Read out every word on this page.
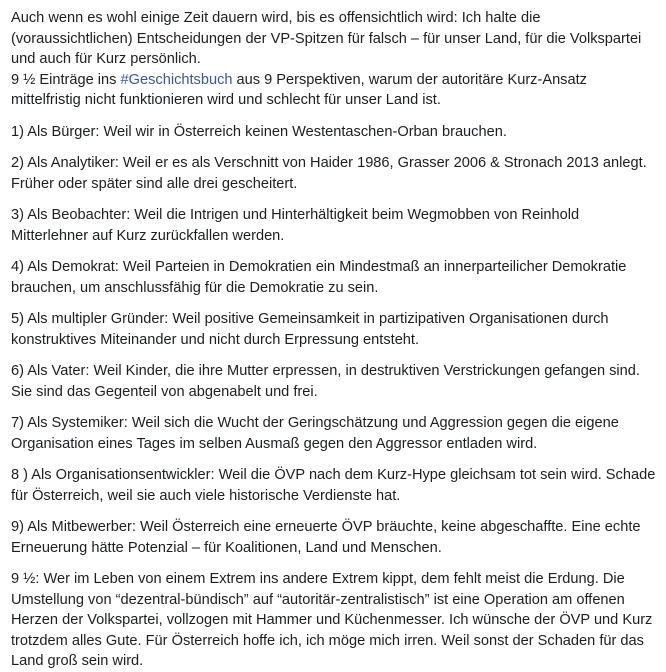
Auch wenn es wohl einige Zeit dauern wird, bis es offensichtlich wird: Ich halte die (voraussichtlichen) Entscheidungen der VP-Spitzen für falsch – für unser Land, für die Volkspartei und auch für Kurz persönlich.

9 ½ Einträge ins #Geschichtsbuch aus 9 Perspektiven, warum der autoritäre Kurz-Ansatz mittelfristig nicht funktionieren wird und schlecht für unser Land ist.

1) Als Bürger: Weil wir in Österreich keinen Westentaschen-Orban brauchen.

2) Als Analytiker: Weil er es als Verschnitt von Haider 1986, Grasser 2006 & Stronach 2013 anlegt. Früher oder später sind alle drei gescheitert.

3) Als Beobachter: Weil die Intrigen und Hinterhältigkeit beim Wegmobben von Reinhold Mitterlehner auf Kurz zurückfallen werden.

4) Als Demokrat: Weil Parteien in Demokratien ein Mindestmaß an innerparteilicher Demokratie brauchen, um anschlussfähig für die Demokratie zu sein.

5) Als multipler Gründer: Weil positive Gemeinsamkeit in partizipativen Organisationen durch konstruktives Miteinander und nicht durch Erpressung entsteht.

6) Als Vater: Weil Kinder, die ihre Mutter erpressen, in destruktiven Verstrickungen gefangen sind. Sie sind das Gegenteil von abgenabelt und frei.

7) Als Systemiker: Weil sich die Wucht der Geringschätzung und Aggression gegen die eigene Organisation eines Tages im selben Ausmaß gegen den Aggressor entladen wird.

8 ) Als Organisationsentwickler: Weil die ÖVP nach dem Kurz-Hype gleichsam tot sein wird. Schade für Österreich, weil sie auch viele historische Verdienste hat.

9) Als Mitbewerber: Weil Österreich eine erneuerte ÖVP bräuchte, keine abgeschaffte. Eine echte Erneuerung hätte Potenzial – für Koalitionen, Land und Menschen.

9 ½: Wer im Leben von einem Extrem ins andere Extrem kippt, dem fehlt meist die Erdung. Die Umstellung von “dezentral-bündisch” auf “autoritär-zentralistisch” ist eine Operation am offenen Herzen der Volkspartei, vollzogen mit Hammer und Küchenmesser. Ich wünsche der ÖVP und Kurz trotzdem alles Gute. Für Österreich hoffe ich, ich möge mich irren. Weil sonst der Schaden für das Land groß sein wird.
